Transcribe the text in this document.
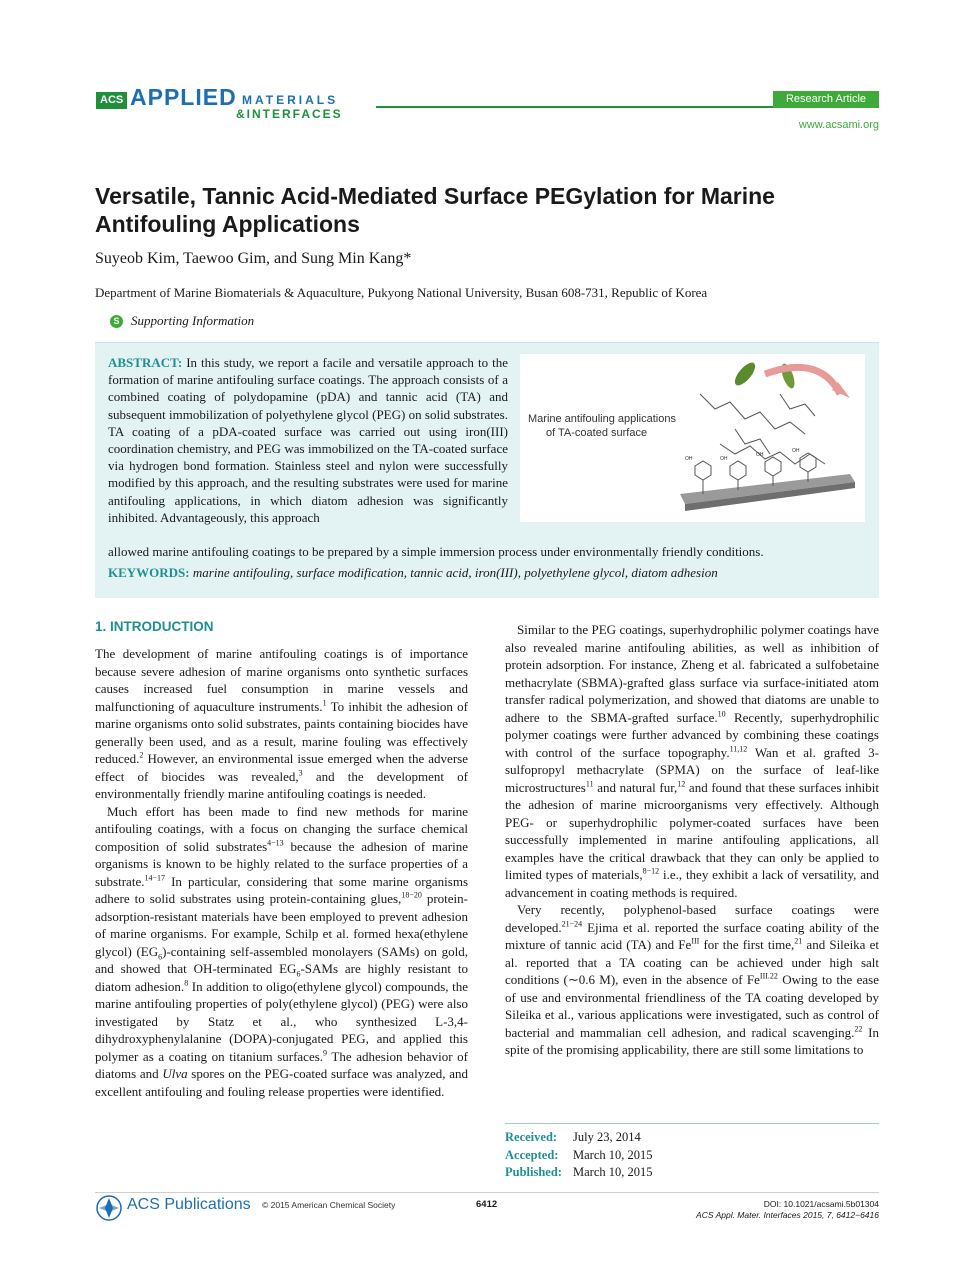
ACS APPLIED MATERIALS
&INTERFACES
Research Article
www.acsami.org
Versatile, Tannic Acid-Mediated Surface PEGylation for Marine Antifouling Applications
Suyeob Kim, Taewoo Gim, and Sung Min Kang*
Department of Marine Biomaterials & Aquaculture, Pukyong National University, Busan 608-731, Republic of Korea
S Supporting Information
ABSTRACT: In this study, we report a facile and versatile approach to the formation of marine antifouling surface coatings. The approach consists of a combined coating of polydopamine (pDA) and tannic acid (TA) and subsequent immobilization of polyethylene glycol (PEG) on solid substrates. TA coating of a pDA-coated surface was carried out using iron(III) coordination chemistry, and PEG was immobilized on the TA-coated surface via hydrogen bond formation. Stainless steel and nylon were successfully modified by this approach, and the resulting substrates were used for marine antifouling applications, in which diatom adhesion was significantly inhibited. Advantageously, this approach
allowed marine antifouling coatings to be prepared by a simple immersion process under environmentally friendly conditions.
KEYWORDS: marine antifouling, surface modification, tannic acid, iron(III), polyethylene glycol, diatom adhesion
Marine antifouling applications
of TA-coated surface
OH	OH
OH
OH
1. INTRODUCTION

The development of marine antifouling coatings is of importance because severe adhesion of marine organisms onto synthetic surfaces causes increased fuel consumption in marine vessels and malfunctioning of aquaculture instruments.$^1$ To inhibit the adhesion of marine organisms onto solid substrates, paints containing biocides have generally been used, and as a result, marine fouling was effectively reduced.$^2$ However, an environmental issue emerged when the adverse effect of biocides was revealed,$^3$ and the development of environmentally friendly marine antifouling coatings is needed.

Much effort has been made to find new methods for marine antifouling coatings, with a focus on changing the surface chemical composition of solid substrates$^{4-13}$ because the adhesion of marine organisms is known to be highly related to the surface properties of a substrate.$^{14-17}$ In particular, considering that some marine organisms adhere to solid substrates using protein-containing glues,$^{18-20}$ protein-adsorption-resistant materials have been employed to prevent adhesion of marine organisms. For example, Schilp et al. formed hexa(ethylene glycol) $(EG_6)$-containing self-assembled monolayers (SAMs) on gold, and showed that OH-terminated $EG_6$-SAMs are highly resistant to diatom adhesion.$^8$ In addition to oligo(ethylene glycol) compounds, the marine antifouling properties of poly(ethylene glycol) (PEG) were also investigated by Statz et al., who synthesized L-3,4-dihydroxyphenylalanine (DOPA)-conjugated PEG, and applied this polymer as a coating on titanium surfaces.$^9$ The adhesion behavior of diatoms and Ulva spores on the PEG-coated surface was analyzed, and excellent antifouling and fouling release properties were identified.

Similar to the PEG coatings, superhydrophilic polymer coatings have also revealed marine antifouling abilities, as well as inhibition of protein adsorption. For instance, Zheng et al. fabricated a sulfobetaine methacrylate (SBMA)-grafted glass surface via surface-initiated atom transfer radical polymerization, and showed that diatoms are unable to adhere to the SBMA-grafted surface.$^{10}$ Recently, superhydrophilic polymer coatings were further advanced by combining these coatings with control of the surface topography.$^{11,12}$ Wan et al. grafted 3-sulfopropyl methacrylate (SPMA) on the surface of leaf-like microstructures$^{11}$ and natural fur,$^{12}$ and found that these surfaces inhibit the adhesion of marine microorganisms very effectively. Although PEG- or superhydrophilic polymer-coated surfaces have been successfully implemented in marine antifouling applications, all examples have the critical drawback that they can only be applied to limited types of materials,$^{8-12}$ i.e., they exhibit a lack of versatility, and advancement in coating methods is required.

Very recently, polyphenol-based surface coatings were developed.$^{21-24}$ Ejima et al. reported the surface coating ability of the mixture of tannic acid (TA) and $Fe^{III}$ for the first time,$^{21}$ and Sileika et al. reported that a TA coating can be achieved under high salt conditions (∼0.6 M), even in the absence of $Fe^{III.22}$ Owing to the ease of use and environmental friendliness of the TA coating developed by Sileika et al., various applications were investigated, such as control of bacterial and mammalian cell adhesion, and radical scavenging.$^{22}$ In spite of the promising applicability, there are still some limitations to

Received: July 23, 2014
Accepted: March 10, 2015
Published: March 10, 2015
ACS Publications © 2015 American Chemical Society	6412	DOI: 10.1021/acsami.5b01304
ACS Appl. Mater. Interfaces 2015, 7, 6412−6416
